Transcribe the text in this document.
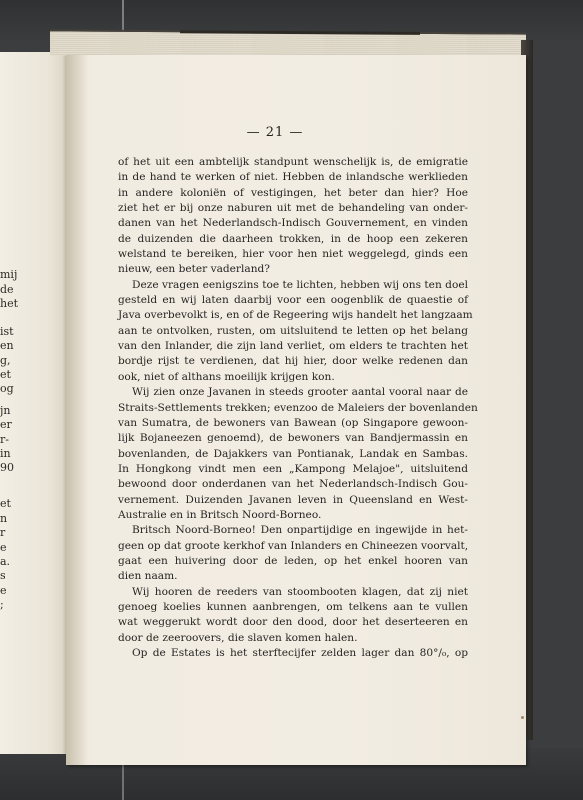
mij
de
het
ist
en
g,
et
og
jn
er
r-
in
90
et
n
r
e
a.
s
e
;
— 21 —
of het uit een ambtelijk standpunt wenschelijk is, de emigratie
in de hand te werken of niet. Hebben de inlandsche werklieden
in andere koloniën of vestigingen, het beter dan hier? Hoe
ziet het er bij onze naburen uit met de behandeling van onder-
danen van het Nederlandsch-Indisch Gouvernement, en vinden
de duizenden die daarheen trokken, in de hoop een zekeren
welstand te bereiken, hier voor hen niet weggelegd, ginds een
nieuw, een beter vaderland?
Deze vragen eenigszins toe te lichten, hebben wij ons ten doel
gesteld en wij laten daarbij voor een oogenblik de quaestie of
Java overbevolkt is, en of de Regeering wijs handelt het langzaam
aan te ontvolken, rusten, om uitsluitend te letten op het belang
van den Inlander, die zijn land verliet, om elders te trachten het
bordje rijst te verdienen, dat hij hier, door welke redenen dan
ook, niet of althans moeilijk krijgen kon.
Wij zien onze Javanen in steeds grooter aantal vooral naar de
Straits-Settlements trekken; evenzoo de Maleiers der bovenlanden
van Sumatra, de bewoners van Bawean (op Singapore gewoon-
lijk Bojaneezen genoemd), de bewoners van Bandjermassin en
bovenlanden, de Dajakkers van Pontianak, Landak en Sambas.
In Hongkong vindt men een „Kampong Melajoe", uitsluitend
bewoond door onderdanen van het Nederlandsch-Indisch Gou-
vernement. Duizenden Javanen leven in Queensland en West-
Australie en in Britsch Noord-Borneo.
Britsch Noord-Borneo! Den onpartijdige en ingewijde in het-
geen op dat groote kerkhof van Inlanders en Chineezen voorvalt,
gaat een huivering door de leden, op het enkel hooren van
dien naam.
Wij hooren de reeders van stoombooten klagen, dat zij niet
genoeg koelies kunnen aanbrengen, om telkens aan te vullen
wat weggerukt wordt door den dood, door het deserteeren en
door de zeeroovers, die slaven komen halen.
Op de Estates is het sterftecijfer zelden lager dan 80°/₀, op
